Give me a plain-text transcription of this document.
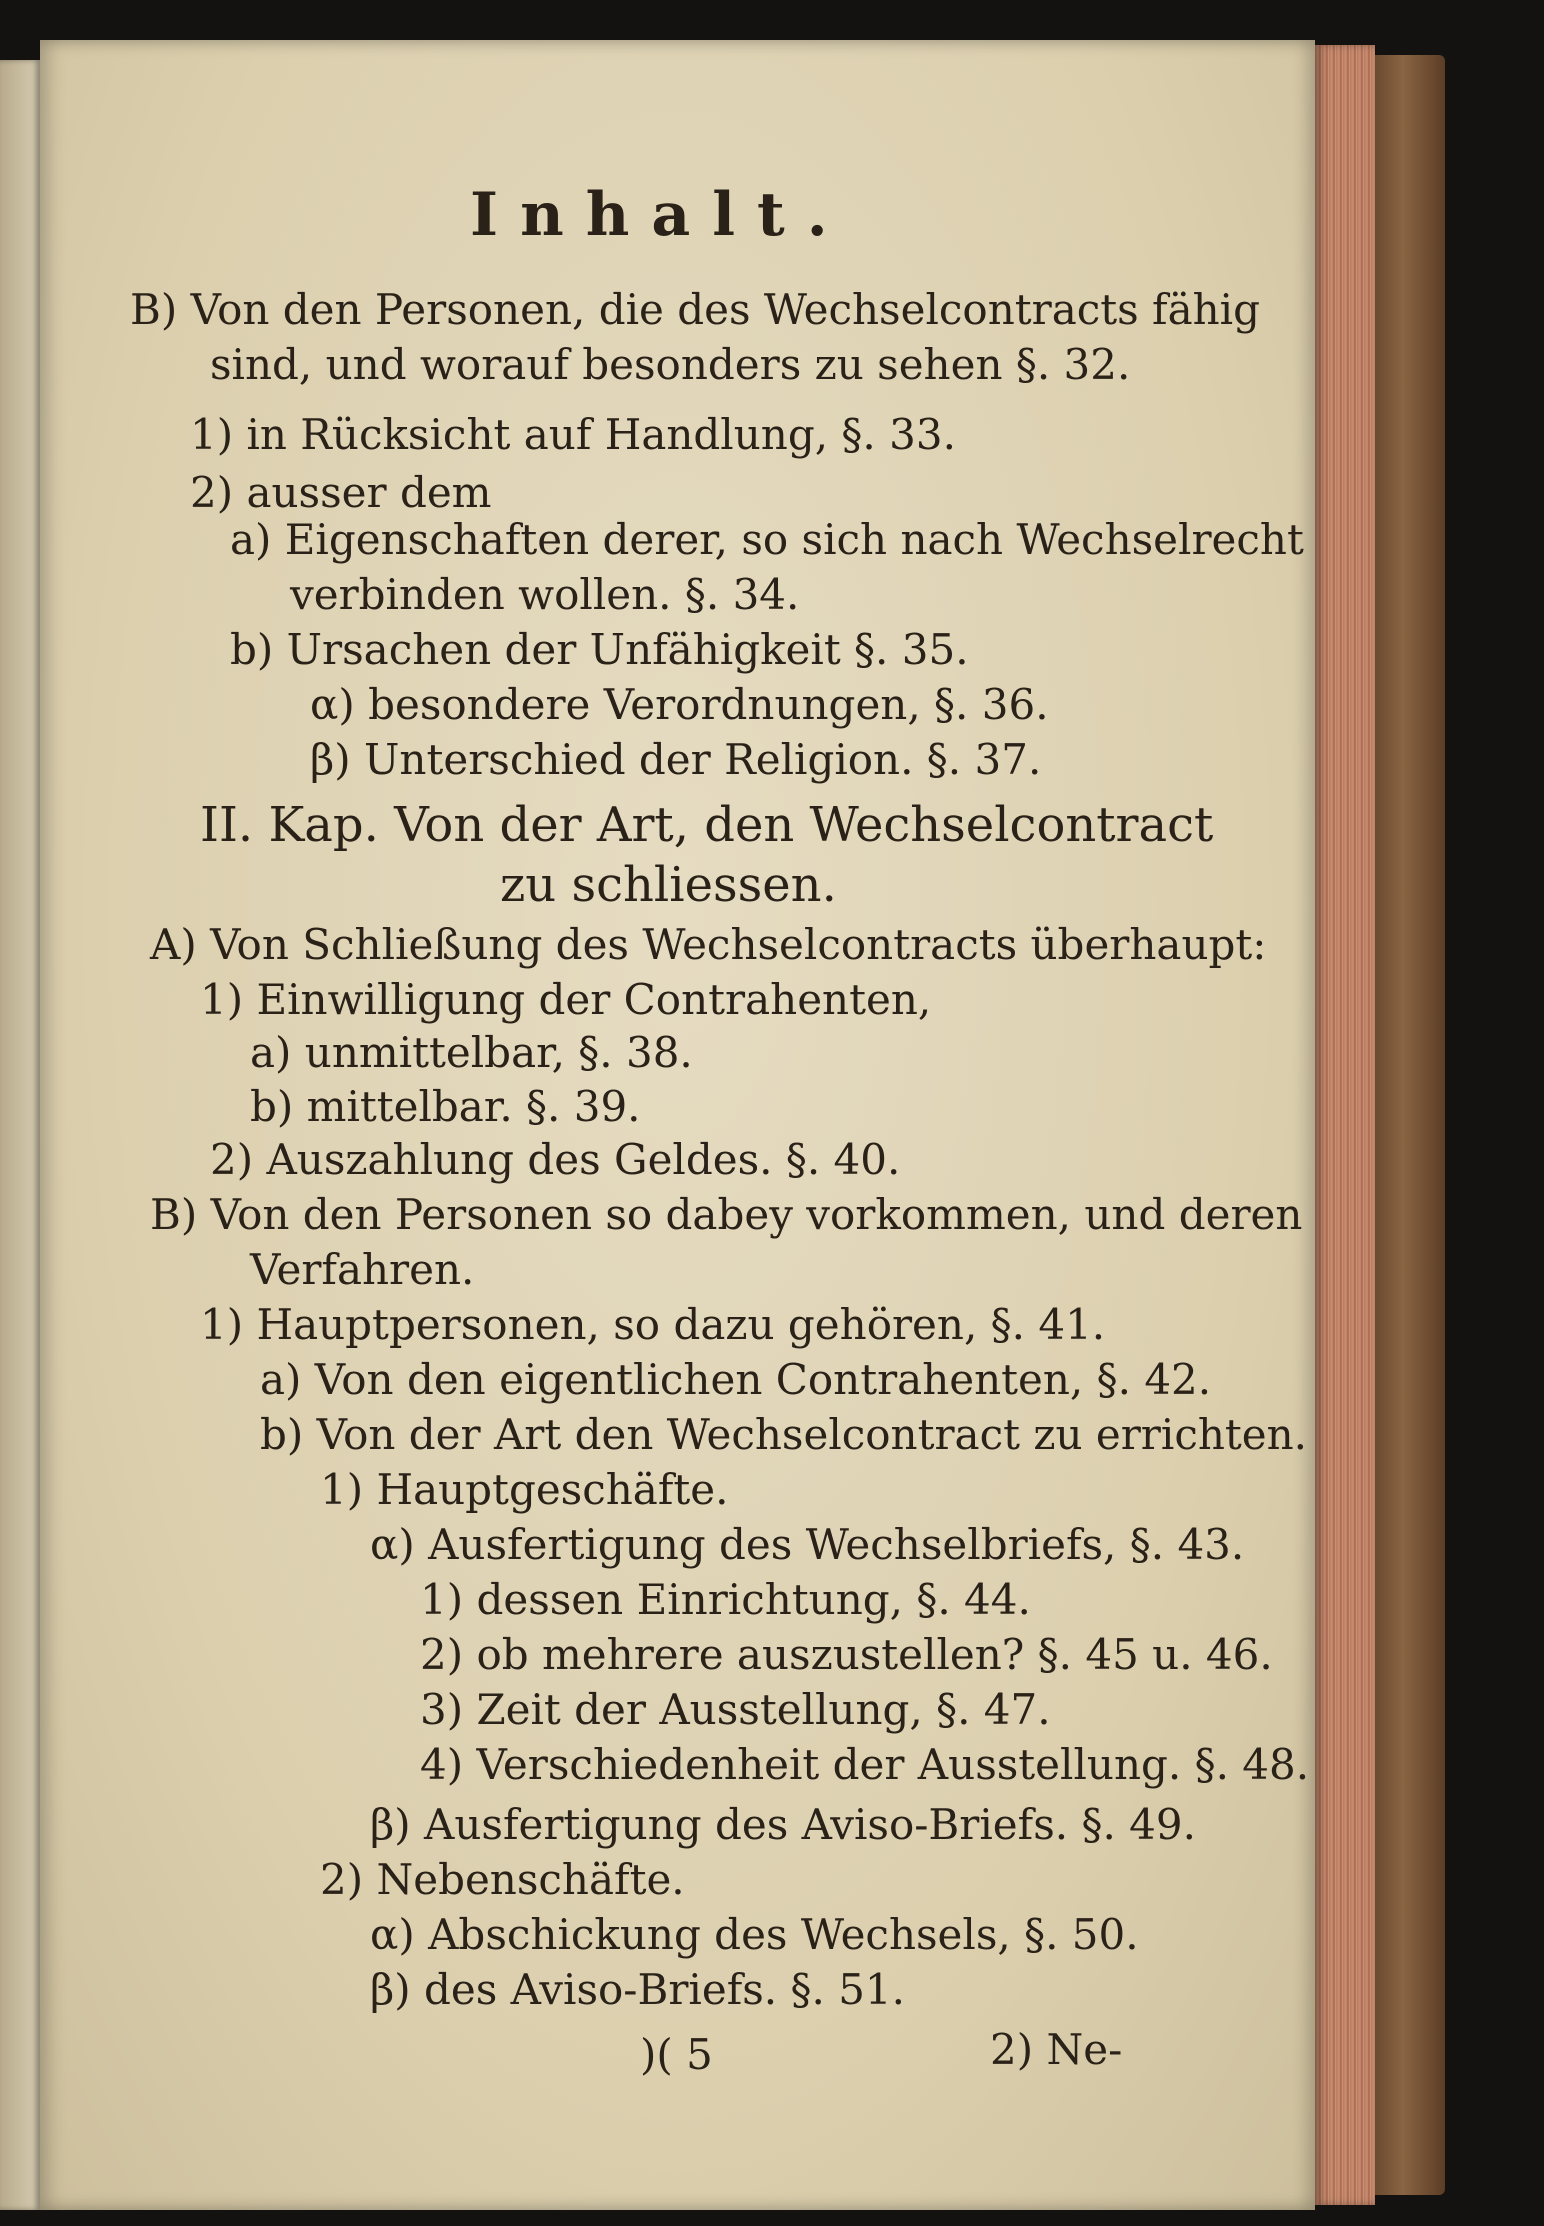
Inhalt.
B) Von den Personen, die des Wechselcontracts fähig
sind, und worauf besonders zu sehen §. 32.
1) in Rücksicht auf Handlung, §. 33.
2) ausser dem
a) Eigenschaften derer, so sich nach Wechselrecht
verbinden wollen. §. 34.
b) Ursachen der Unfähigkeit §. 35.
α) besondere Verordnungen, §. 36.
β) Unterschied der Religion. §. 37.
II. Kap. Von der Art, den Wechselcontract
zu schliessen.
A) Von Schließung des Wechselcontracts überhaupt:
1) Einwilligung der Contrahenten,
a) unmittelbar, §. 38.
b) mittelbar. §. 39.
2) Auszahlung des Geldes. §. 40.
B) Von den Personen so dabey vorkommen, und deren
Verfahren.
1) Hauptpersonen, so dazu gehören, §. 41.
a) Von den eigentlichen Contrahenten, §. 42.
b) Von der Art den Wechselcontract zu errichten.
1) Hauptgeschäfte.
α) Ausfertigung des Wechselbriefs, §. 43.
1) dessen Einrichtung, §. 44.
2) ob mehrere auszustellen? §. 45 u. 46.
3) Zeit der Ausstellung, §. 47.
4) Verschiedenheit der Ausstellung. §. 48.
β) Ausfertigung des Aviso-Briefs. §. 49.
2) Nebenschäfte.
α) Abschickung des Wechsels, §. 50.
β) des Aviso-Briefs. §. 51.
)( 5	2) Ne-
